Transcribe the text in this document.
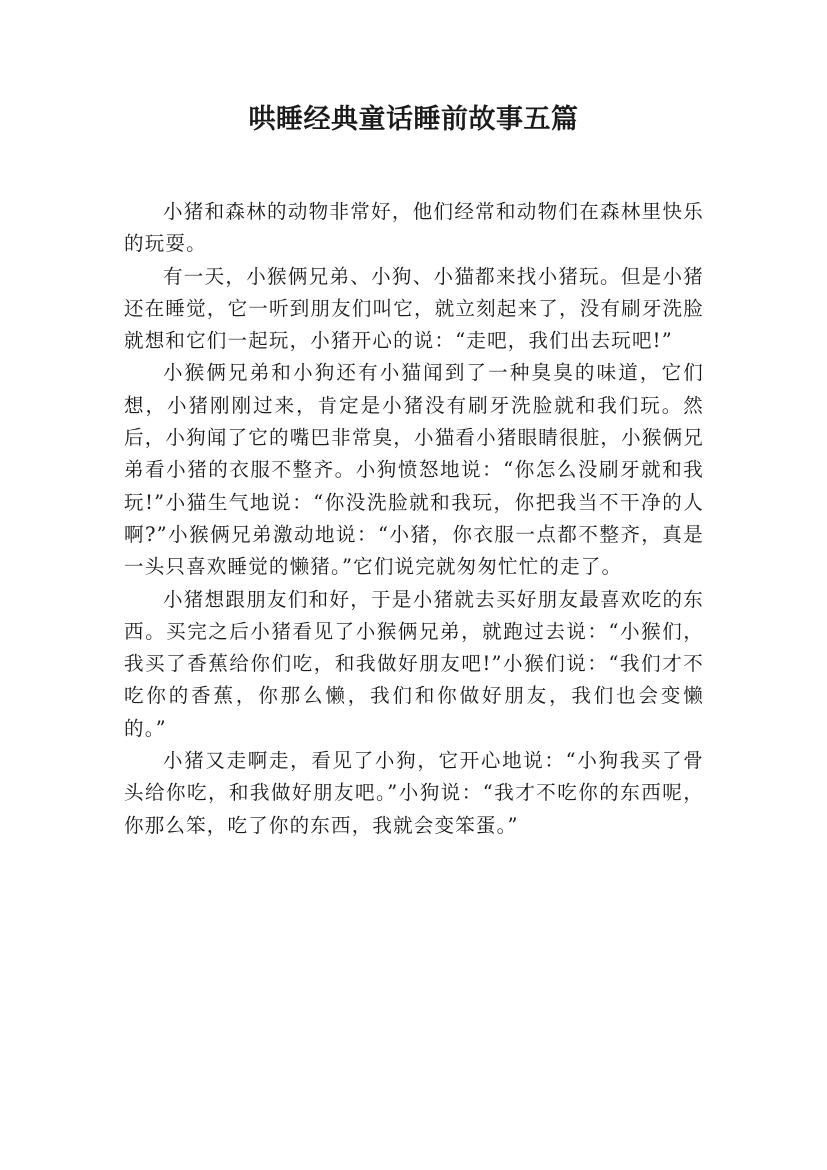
哄睡经典童话睡前故事五篇

小猪和森林的动物非常好，他们经常和动物们在森林里快乐的玩耍。

有一天，小猴俩兄弟、小狗、小猫都来找小猪玩。但是小猪还在睡觉，它一听到朋友们叫它，就立刻起来了，没有刷牙洗脸就想和它们一起玩，小猪开心的说：“走吧，我们出去玩吧!”

小猴俩兄弟和小狗还有小猫闻到了一种臭臭的味道，它们想，小猪刚刚过来，肯定是小猪没有刷牙洗脸就和我们玩。然后，小狗闻了它的嘴巴非常臭，小猫看小猪眼睛很脏，小猴俩兄弟看小猪的衣服不整齐。小狗愤怒地说：“你怎么没刷牙就和我玩!”小猫生气地说：“你没洗脸就和我玩，你把我当不干净的人啊?”小猴俩兄弟激动地说：“小猪，你衣服一点都不整齐，真是一头只喜欢睡觉的懒猪。”它们说完就匆匆忙忙的走了。

小猪想跟朋友们和好，于是小猪就去买好朋友最喜欢吃的东西。买完之后小猪看见了小猴俩兄弟，就跑过去说：“小猴们，我买了香蕉给你们吃，和我做好朋友吧!”小猴们说：“我们才不吃你的香蕉，你那么懒，我们和你做好朋友，我们也会变懒的。”

小猪又走啊走，看见了小狗，它开心地说：“小狗我买了骨头给你吃，和我做好朋友吧。”小狗说：“我才不吃你的东西呢，你那么笨，吃了你的东西，我就会变笨蛋。”
